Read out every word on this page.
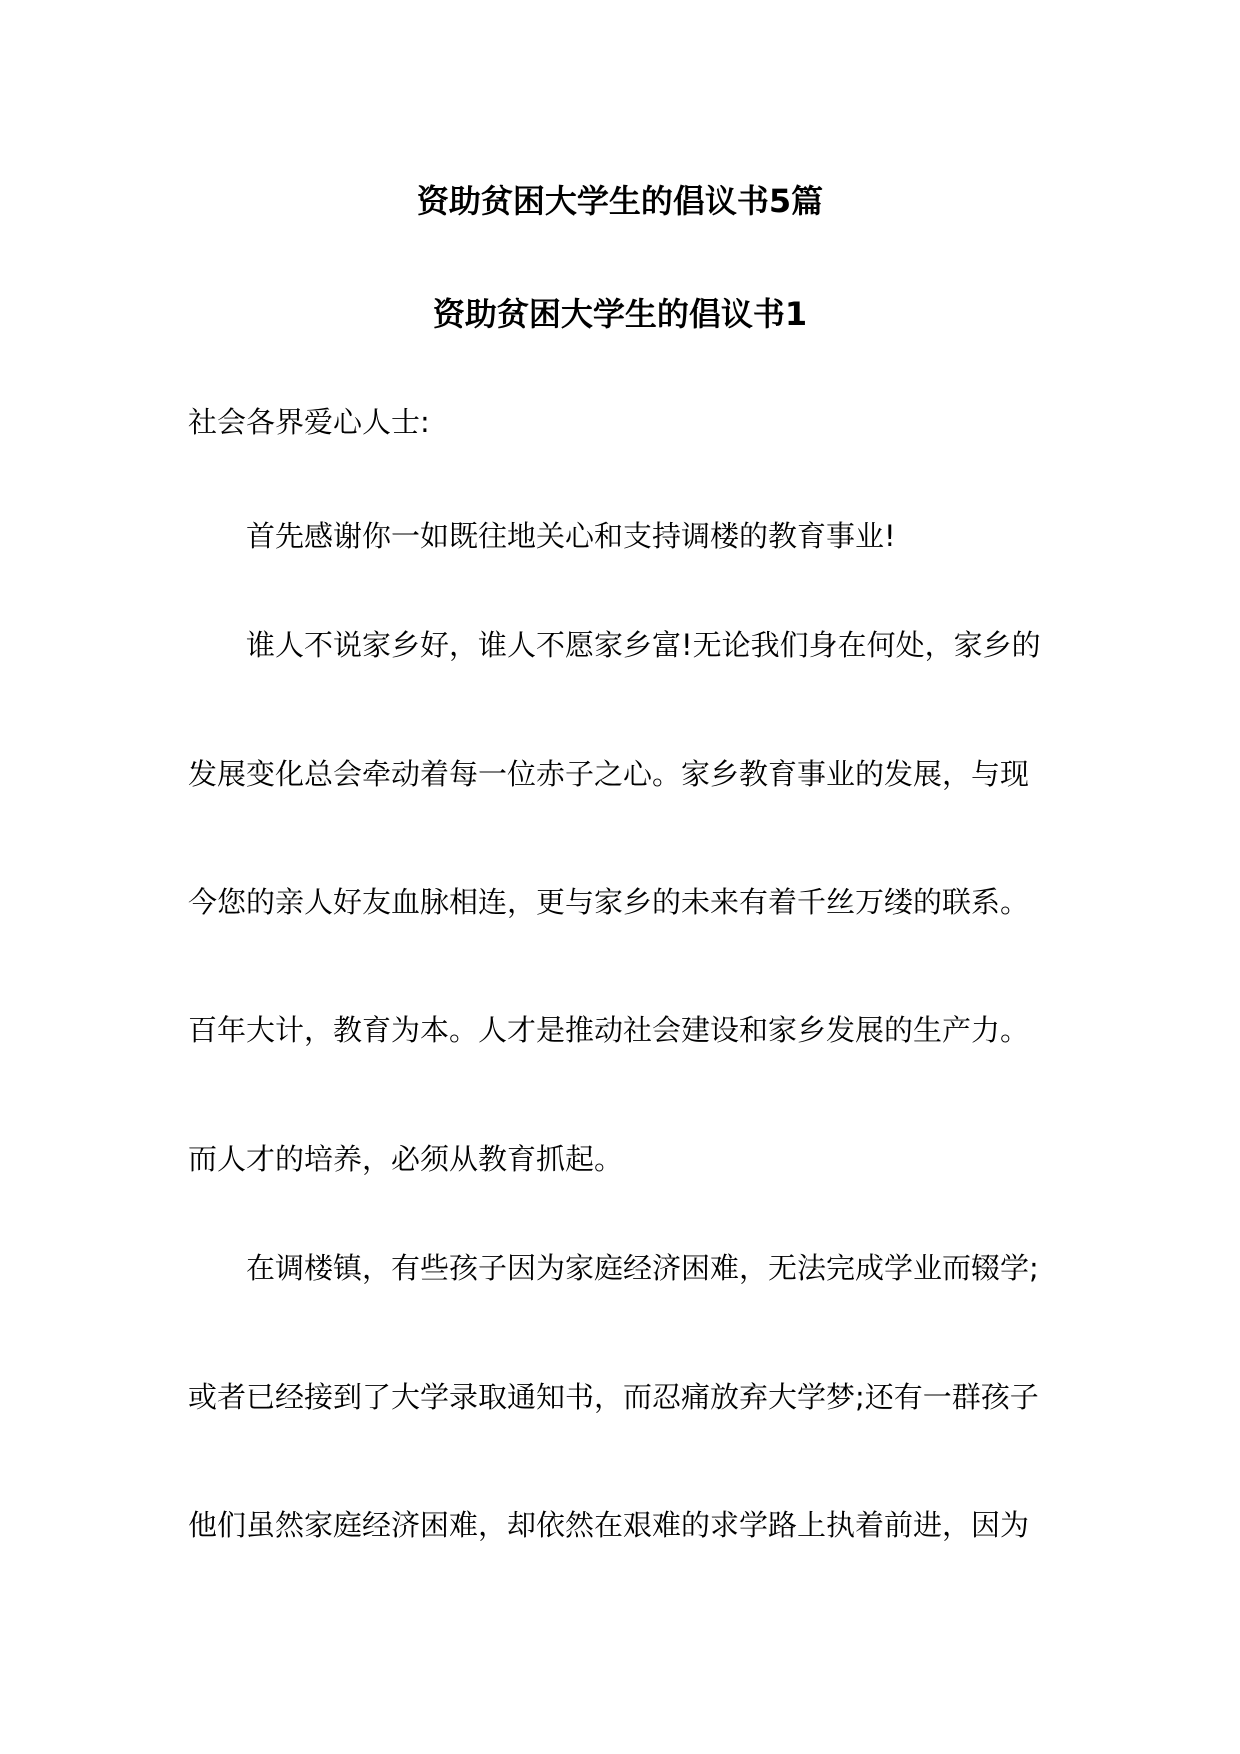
资助贫困大学生的倡议书5篇
资助贫困大学生的倡议书1
社会各界爱心人士:
首先感谢你一如既往地关心和支持调楼的教育事业!
谁人不说家乡好，谁人不愿家乡富!无论我们身在何处，家乡的
发展变化总会牵动着每一位赤子之心。家乡教育事业的发展，与现
今您的亲人好友血脉相连，更与家乡的未来有着千丝万缕的联系。
百年大计，教育为本。人才是推动社会建设和家乡发展的生产力。
而人才的培养，必须从教育抓起。
在调楼镇，有些孩子因为家庭经济困难，无法完成学业而辍学;
或者已经接到了大学录取通知书，而忍痛放弃大学梦;还有一群孩子
他们虽然家庭经济困难，却依然在艰难的求学路上执着前进，因为
